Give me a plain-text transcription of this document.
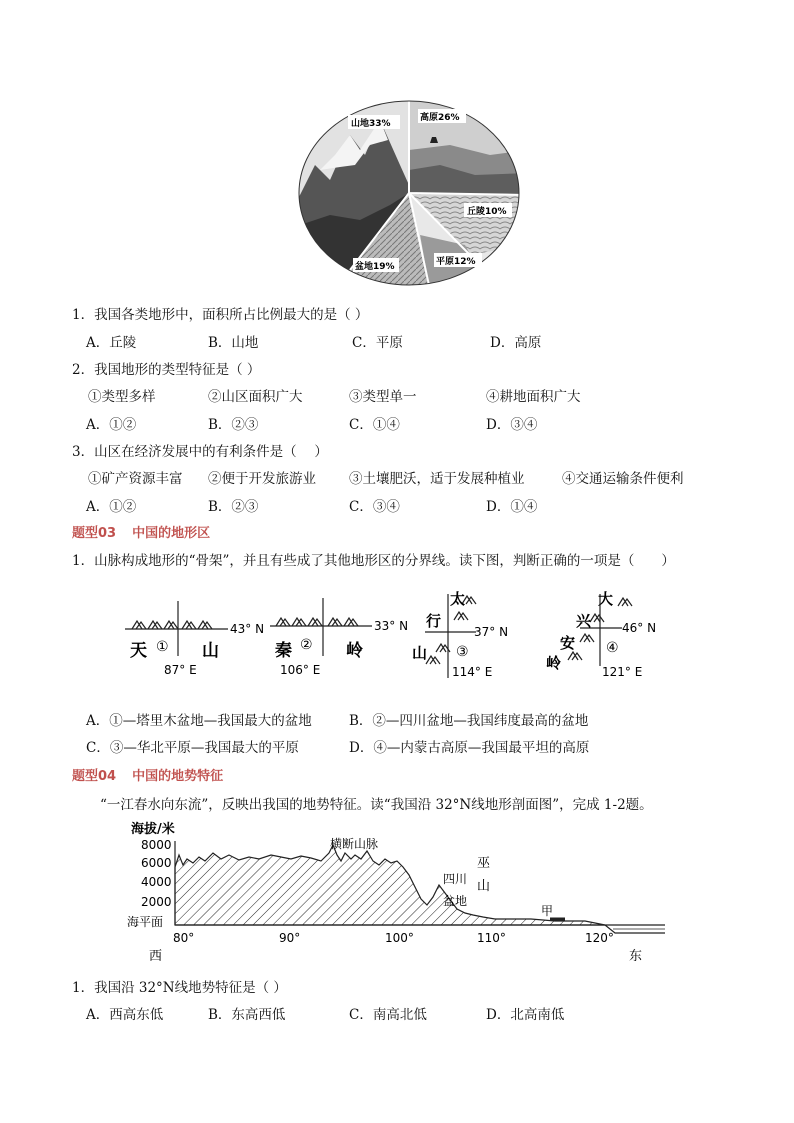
山地33%
高原26%
丘陵10%
平原12%
盆地19%
1．我国各类地形中，面积所占比例最大的是（ ）
A．丘陵	B．山地	C．平原	D．高原
2．我国地形的类型特征是（ ）
①类型多样	②山区面积广大	③类型单一	④耕地面积广大
A．①②	B．②③	C．①④	D．③④
3．山区在经济发展中的有利条件是（　 ）
①矿产资源丰富 ②便于开发旅游业 ③土壤肥沃，适于发展种植业	④交通运输条件便利
A．①②	B．②③	C．③④	D．①④
题型03 中国的地形区
1．山脉构成地形的“骨架”，并且有些成了其他地形区的分界线。读下图，判断正确的一项是（　　）
①
43° N
天	山
87° E
②
33° N
秦	岭
106° E
太
行
山 ③
37° N
114° E
大
兴
安
岭
④
46° N
121° E
A．①—塔里木盆地—我国最大的盆地	B．②—四川盆地—我国纬度最高的盆地
C．③—华北平原—我国最大的平原	D．④—内蒙古高原—我国最平坦的高原
题型04 中国的地势特征
“一江春水向东流”，反映出我国的地势特征。读“我国沿 32°N线地形剖面图”，完成 1-2题。
海拔/米
8000
6000
4000
2000
海平面
80°	90°	100°	110°	120°
西	东
横断山脉
四川
盆地
巫
山
甲
1．我国沿 32°N线地势特征是（ ）
A．西高东低	B．东高西低	C．南高北低	D．北高南低
